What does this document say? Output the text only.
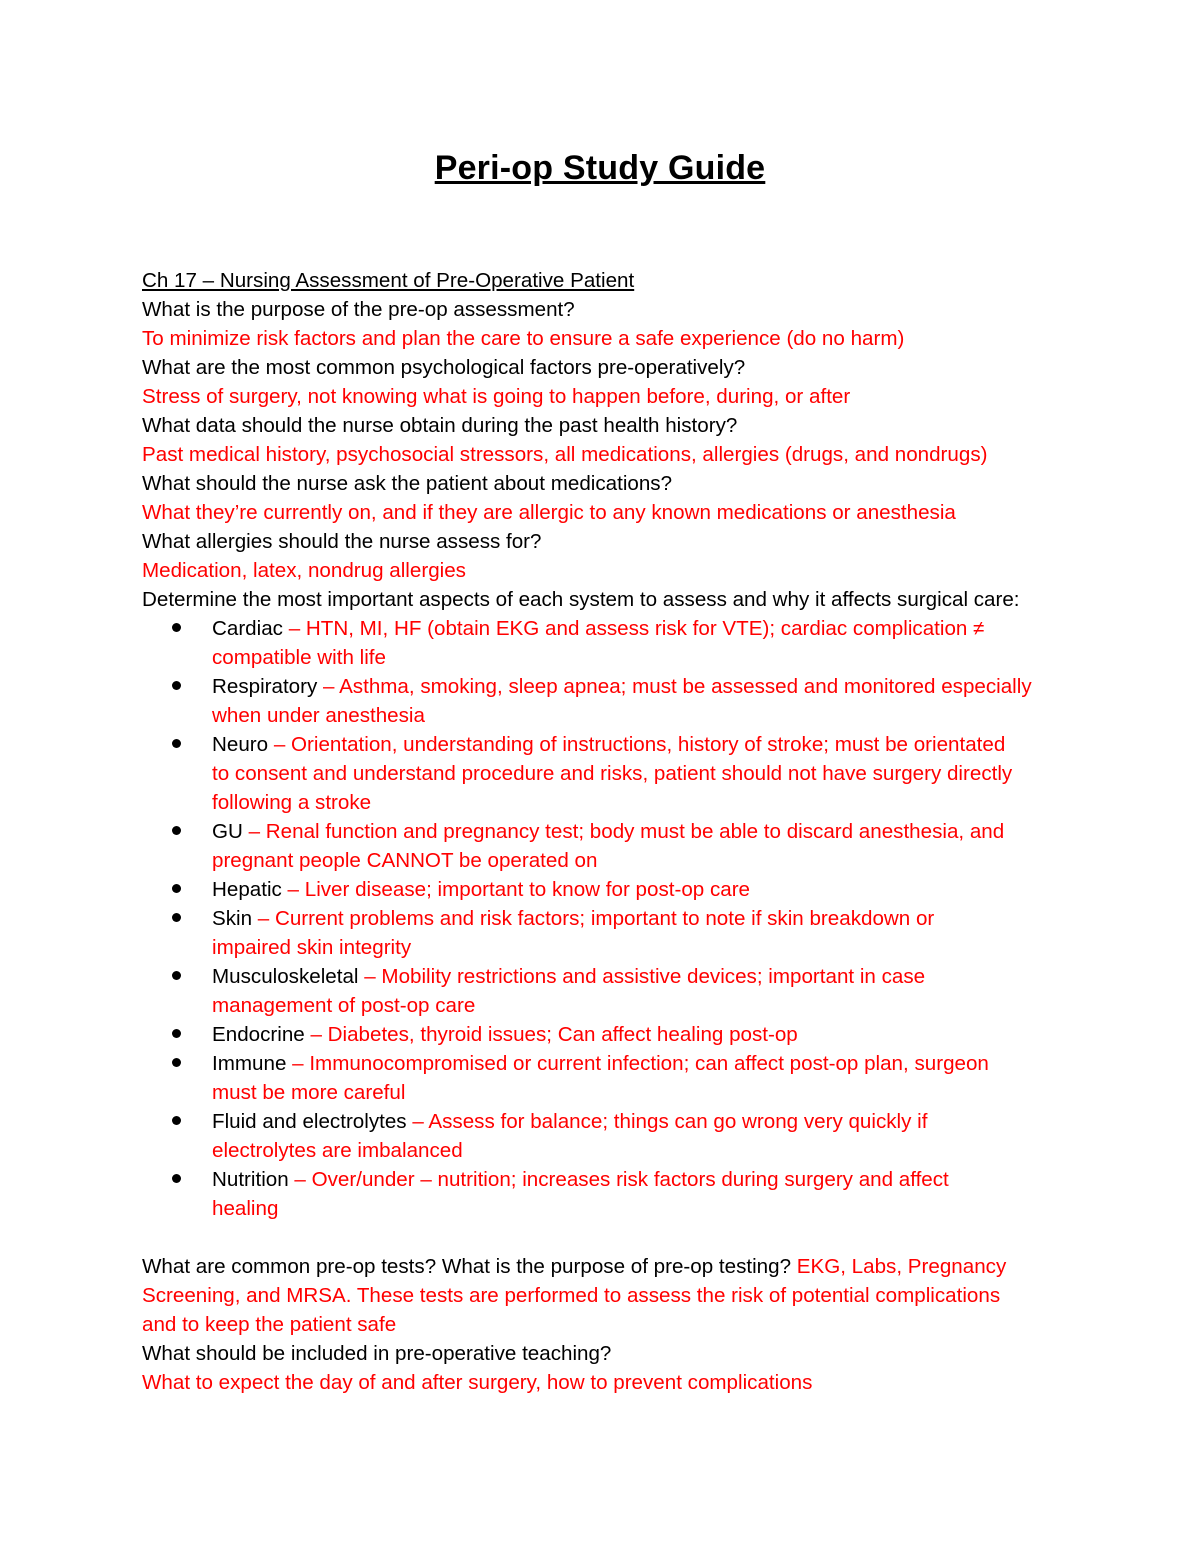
Peri-op Study Guide
Ch 17 – Nursing Assessment of Pre-Operative Patient
What is the purpose of the pre-op assessment?
To minimize risk factors and plan the care to ensure a safe experience (do no harm)
What are the most common psychological factors pre-operatively?
Stress of surgery, not knowing what is going to happen before, during, or after
What data should the nurse obtain during the past health history?
Past medical history, psychosocial stressors, all medications, allergies (drugs, and nondrugs)
What should the nurse ask the patient about medications?
What they’re currently on, and if they are allergic to any known medications or anesthesia
What allergies should the nurse assess for?
Medication, latex, nondrug allergies
Determine the most important aspects of each system to assess and why it affects surgical care:
Cardiac – HTN, MI, HF (obtain EKG and assess risk for VTE); cardiac complication ≠
compatible with life
Respiratory – Asthma, smoking, sleep apnea; must be assessed and monitored especially
when under anesthesia
Neuro – Orientation, understanding of instructions, history of stroke; must be orientated
to consent and understand procedure and risks, patient should not have surgery directly
following a stroke
GU – Renal function and pregnancy test; body must be able to discard anesthesia, and
pregnant people CANNOT be operated on
Hepatic – Liver disease; important to know for post-op care
Skin – Current problems and risk factors; important to note if skin breakdown or
impaired skin integrity
Musculoskeletal – Mobility restrictions and assistive devices; important in case
management of post-op care
Endocrine – Diabetes, thyroid issues; Can affect healing post-op
Immune – Immunocompromised or current infection; can affect post-op plan, surgeon
must be more careful
Fluid and electrolytes – Assess for balance; things can go wrong very quickly if
electrolytes are imbalanced
Nutrition – Over/under – nutrition; increases risk factors during surgery and affect
healing
What are common pre-op tests? What is the purpose of pre-op testing? EKG, Labs, Pregnancy
Screening, and MRSA. These tests are performed to assess the risk of potential complications
and to keep the patient safe
What should be included in pre-operative teaching?
What to expect the day of and after surgery, how to prevent complications
